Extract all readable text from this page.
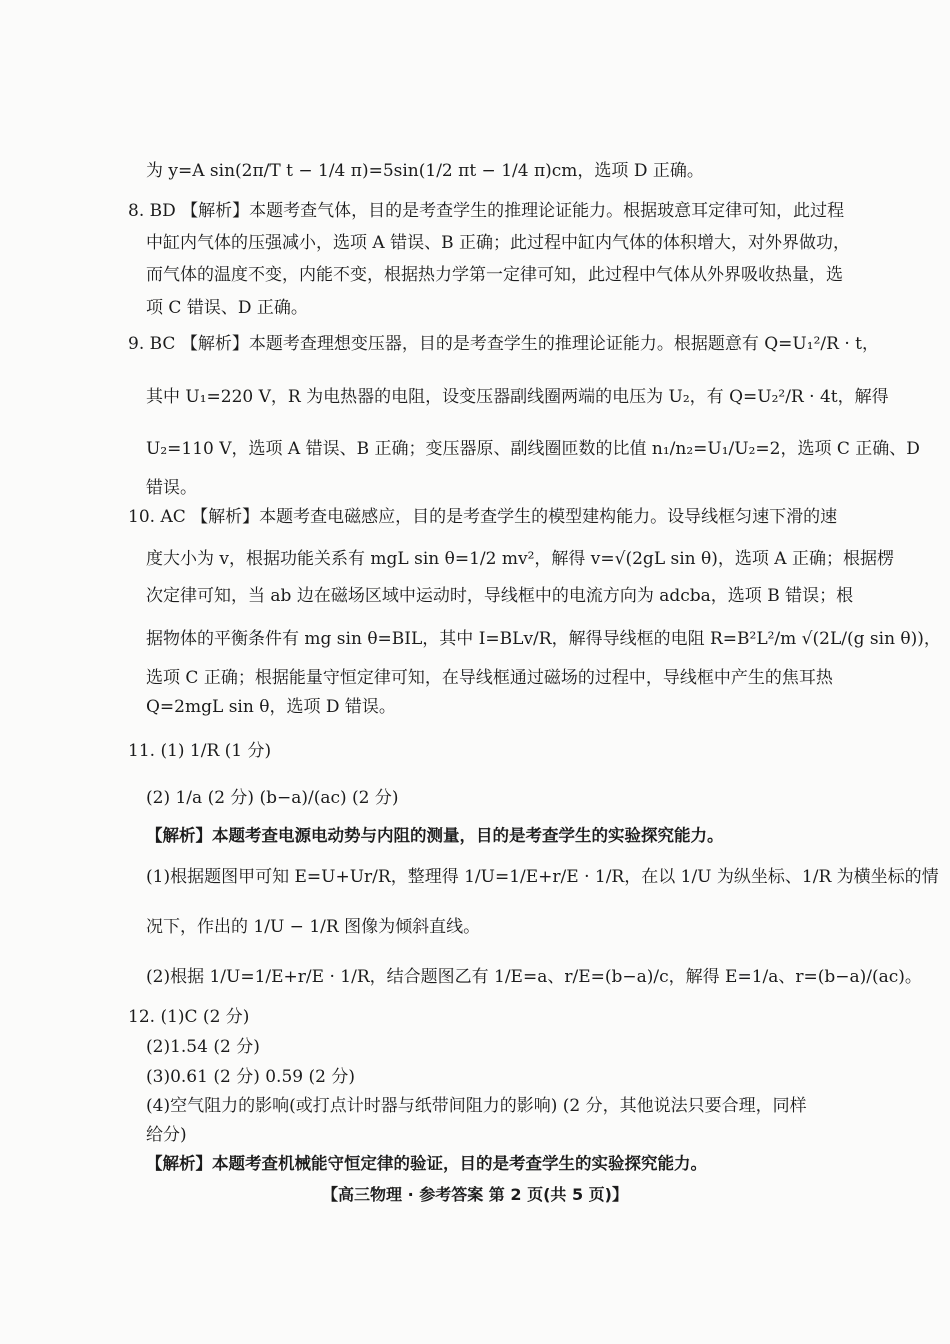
为 y=A sin(2π/T t − 1/4 π)=5sin(1/2 πt − 1/4 π)cm，选项 D 正确。
8. BD 【解析】本题考查气体，目的是考查学生的推理论证能力。根据玻意耳定律可知，此过程
中缸内气体的压强减小，选项 A 错误、B 正确；此过程中缸内气体的体积增大，对外界做功，
而气体的温度不变，内能不变，根据热力学第一定律可知，此过程中气体从外界吸收热量，选
项 C 错误、D 正确。
9. BC 【解析】本题考查理想变压器，目的是考查学生的推理论证能力。根据题意有 Q=U₁²/R · t，
其中 U₁=220 V，R 为电热器的电阻，设变压器副线圈两端的电压为 U₂，有 Q=U₂²/R · 4t，解得
U₂=110 V，选项 A 错误、B 正确；变压器原、副线圈匝数的比值 n₁/n₂=U₁/U₂=2，选项 C 正确、D
错误。
10. AC 【解析】本题考查电磁感应，目的是考查学生的模型建构能力。设导线框匀速下滑的速
度大小为 v，根据功能关系有 mgL sin θ=1/2 mv²，解得 v=√(2gL sin θ)，选项 A 正确；根据楞
次定律可知，当 ab 边在磁场区域中运动时，导线框中的电流方向为 adcba，选项 B 错误；根
据物体的平衡条件有 mg sin θ=BIL，其中 I=BLv/R，解得导线框的电阻 R=B²L²/m √(2L/(g sin θ))，
选项 C 正确；根据能量守恒定律可知，在导线框通过磁场的过程中，导线框中产生的焦耳热
Q=2mgL sin θ，选项 D 错误。
11. (1) 1/R (1 分)
(2) 1/a (2 分) (b−a)/(ac) (2 分)
【解析】本题考查电源电动势与内阻的测量，目的是考查学生的实验探究能力。
(1)根据题图甲可知 E=U+Ur/R，整理得 1/U=1/E+r/E · 1/R，在以 1/U 为纵坐标、1/R 为横坐标的情
况下，作出的 1/U − 1/R 图像为倾斜直线。
(2)根据 1/U=1/E+r/E · 1/R，结合题图乙有 1/E=a、r/E=(b−a)/c，解得 E=1/a、r=(b−a)/(ac)。
12. (1)C (2 分)
(2)1.54 (2 分)
(3)0.61 (2 分) 0.59 (2 分)
(4)空气阻力的影响(或打点计时器与纸带间阻力的影响) (2 分，其他说法只要合理，同样
给分)
【解析】本题考查机械能守恒定律的验证，目的是考查学生的实验探究能力。
【高三物理 · 参考答案 第 2 页(共 5 页)】
